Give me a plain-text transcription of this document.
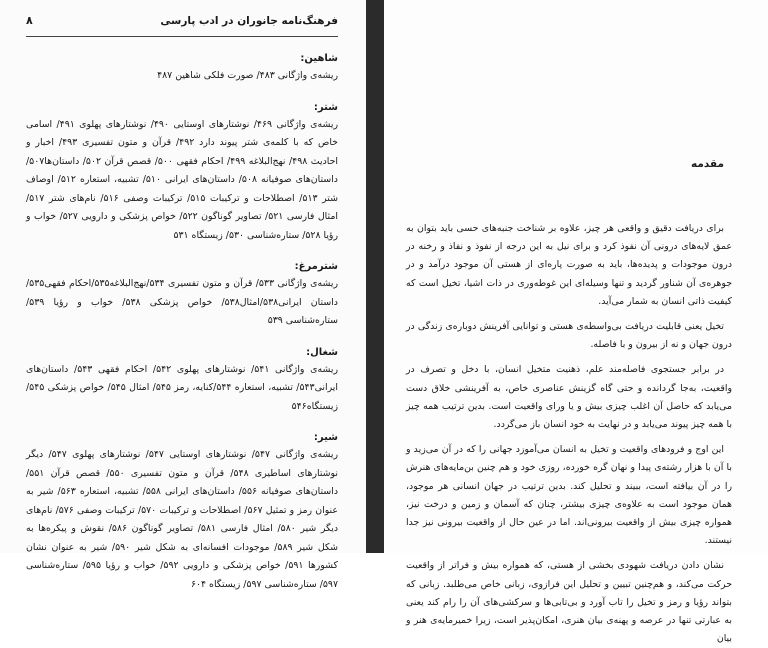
فرهنگ‌نامه جانوران در ادب پارسی
۸

شاهین:

ریشه‌ی واژگانی ۴۸۳/ صورت فلکی شاهین ۴۸۷

شتر:

ریشه‌ی واژگانی ۴۶۹/ نوشتارهای اوستایی ۴۹۰/ نوشتارهای پهلوی ۴۹۱/ اسامی خاص که با کلمه‌ی شتر پیوند دارد ۴۹۲/ قرآن و متون تفسیری ۴۹۳/ اخبار و احادیث ۴۹۸/ نهج‌البلاغه ۴۹۹/ احکام فقهی ۵۰۰/ قصص قرآن ۵۰۲/ داستان‌ها۵۰۷/ داستان‌های صوفیانه ۵۰۸/ داستان‌های ایرانی ۵۱۰/ تشبیه، استعاره ۵۱۲/ اوصاف شتر ۵۱۳/ اصطلاحات و ترکیبات ۵۱۵/ ترکیبات وصفی ۵۱۶/ نام‌های شتر ۵۱۷/ امثال فارسی ۵۲۱/ تصاویر گوناگون ۵۲۲/ خواص پزشکی و دارویی ۵۲۷/ خواب و رؤیا ۵۲۸/ ستاره‌شناسی ۵۳۰/ زیستگاه ۵۳۱

شترمرغ:

ریشه‌ی واژگانی ۵۳۳/ قرآن و متون تفسیری ۵۳۴/نهج‌البلاغه۵۳۵/احکام فقهی۵۳۵/ داستان ایرانی۵۳۸/امثال۵۳۸/ خواص پزشکی ۵۳۸/ خواب و رؤیا ۵۳۹/ستاره‌شناسی ۵۳۹

شغال:

ریشه‌ی واژگانی ۵۴۱/ نوشتارهای پهلوی ۵۴۲/ احکام فقهی ۵۴۳/ داستان‌های ایرانی۵۴۳/ تشبیه، استعاره ۵۴۴/کنایه، رمز ۵۴۵/ امثال ۵۴۵/ خواص پزشکی ۵۴۵/ زیستگاه۵۴۶

شیر:

ریشه‌ی واژگانی ۵۴۷/ نوشتارهای اوستایی ۵۴۷/ نوشتارهای پهلوی ۵۴۷/ دیگر نوشتارهای اساطیری ۵۴۸/ قرآن و متون تفسیری ۵۵۰/ قصص قرآن ۵۵۱/ داستان‌های صوفیانه ۵۵۶/ داستان‌های ایرانی ۵۵۸/ تشبیه، استعاره ۵۶۳/ شیر به عنوان رمز و تمثیل ۵۶۷/ اصطلاحات و ترکیبات ۵۷۰/ ترکیبات وصفی ۵۷۶/ نام‌های دیگر شیر ۵۸۰/ امثال فارسی ۵۸۱/ تصاویر گوناگون ۵۸۶/ نقوش و پیکره‌ها به شکل شیر ۵۸۹/ موجودات افسانه‌ای به شکل شیر ۵۹۰/ شیر به عنوان نشان کشورها ۵۹۱/ خواص پزشکی و دارویی ۵۹۲/ خواب و رؤیا ۵۹۵/ ستاره‌شناسی ۵۹۷/ ستاره‌شناسی ۵۹۷/ زیستگاه ۶۰۴

مقدمه

برای دریافت دقیق و واقعی هر چیز، علاوه بر شناخت جنبه‌های حسی باید بتوان به عمق لایه‌های درونی آن نفوذ کرد و برای نیل به این درجه از نفوذ و نفاذ و رخنه در درون موجودات و پدیده‌ها، باید به صورت پاره‌ای از هستی آن موجود درآمد و در جوهره‌ی آن شناور گردید و تنها وسیله‌ای این غوطه‌وری در ذات اشیا، تخیل است که کیفیت ذاتی انسان به شمار می‌آید.

تخیل یعنی قابلیت دریافت بی‌واسطه‌ی هستی و توانایی آفرینش دوباره‌ی زندگی در درون جهان و نه از بیرون و با فاصله.

در برابر جستجوی فاصله‌مند علم، ذهنیت متخیل انسان، با دخل و تصرف در واقعیت، به‌جا گردانده و حتی گاه گزینش عناصری خاص، به آفرینشی خلاق دست می‌یابد که حاصل آن اغلب چیزی بیش و یا ورای واقعیت است. بدین ترتیب همه چیز با همه چیز پیوند می‌یابد و در نهایت به خود انسان باز می‌گردد.

این اوج و فرودهای واقعیت و تخیل به انسان می‌آموزد جهانی را که در آن می‌زید و با آن با هزار رشته‌ی پیدا و نهان گره خورده، روزی خود و هم چنین بن‌مایه‌های هنرش را در آن بیافته است، ببیند و تحلیل کند. بدین ترتیب در جهان انسانی هر موجود، همان موجود است به علاوه‌ی چیزی بیشتر، چنان که آسمان و زمین و درخت نیز، همواره چیزی بیش از واقعیت بیرونی‌اند. اما در عین حال از واقعیت بیرونی نیز جدا نیستند.

نشان دادن دریافت شهودی بخشی از هستی، که همواره بیش و فراتر از واقعیت حرکت می‌کند، و هم‌چنین تبیین و تحلیل این فرازوی، زبانی خاص می‌طلبد. زبانی که بتواند رؤیا و رمز و تخیل را تاب آورد و بی‌تابی‌ها و سرکشی‌های آن را رام کند یعنی به عبارتی تنها در عرصه و پهنه‌ی بیان هنری، امکان‌پذیر است، زیرا خمیرمایه‌ی هنر و بیان
